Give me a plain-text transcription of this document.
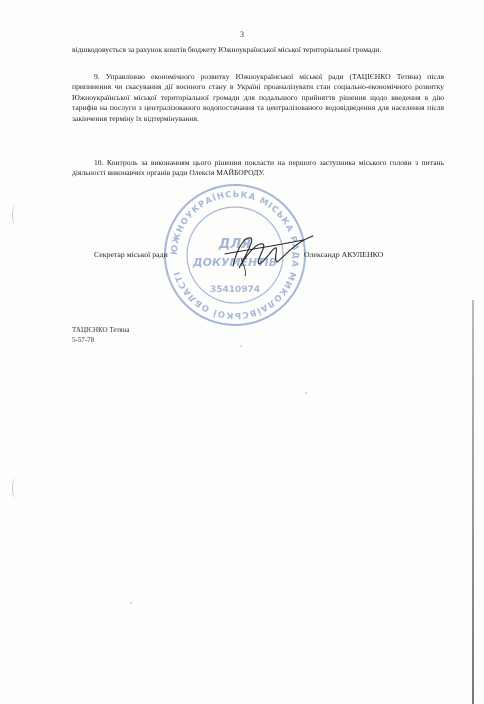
3

відшкодовується за рахунок коштів бюджету Южноукраїнської міської територіальної громади.

9. Управлінню економічного розвитку Южноукраїнської міської ради (ТАЦІЄНКО Тетяна) після припинення чи скасування дії воєнного стану в Україні проаналізувати стан соціально-економічного розвитку Южноукраїнської міської територіальної громади для подальшого прийняття рішення щодо введення в дію тарифів на послуги з централізованого водопостачання та централізованого водовідведення для населення після закінчення терміну їх відтермінування.

10. Контроль за виконанням цього рішення покласти на першого заступника міського голови з питань діяльності виконавчих органів ради Олексія МАЙБОРОДУ.

ЮЖНОУКРАЇНСЬКА МІСЬКА РАДА МИКОЛАЇВСЬКОЇ ОБЛАСТІ
ДЛЯ
ДОКУМЕНТІВ
35410974
Секретар міської ради	Олександр АКУЛЕНКО
ТАЦІЄНКО Тетяна
5-57-78
